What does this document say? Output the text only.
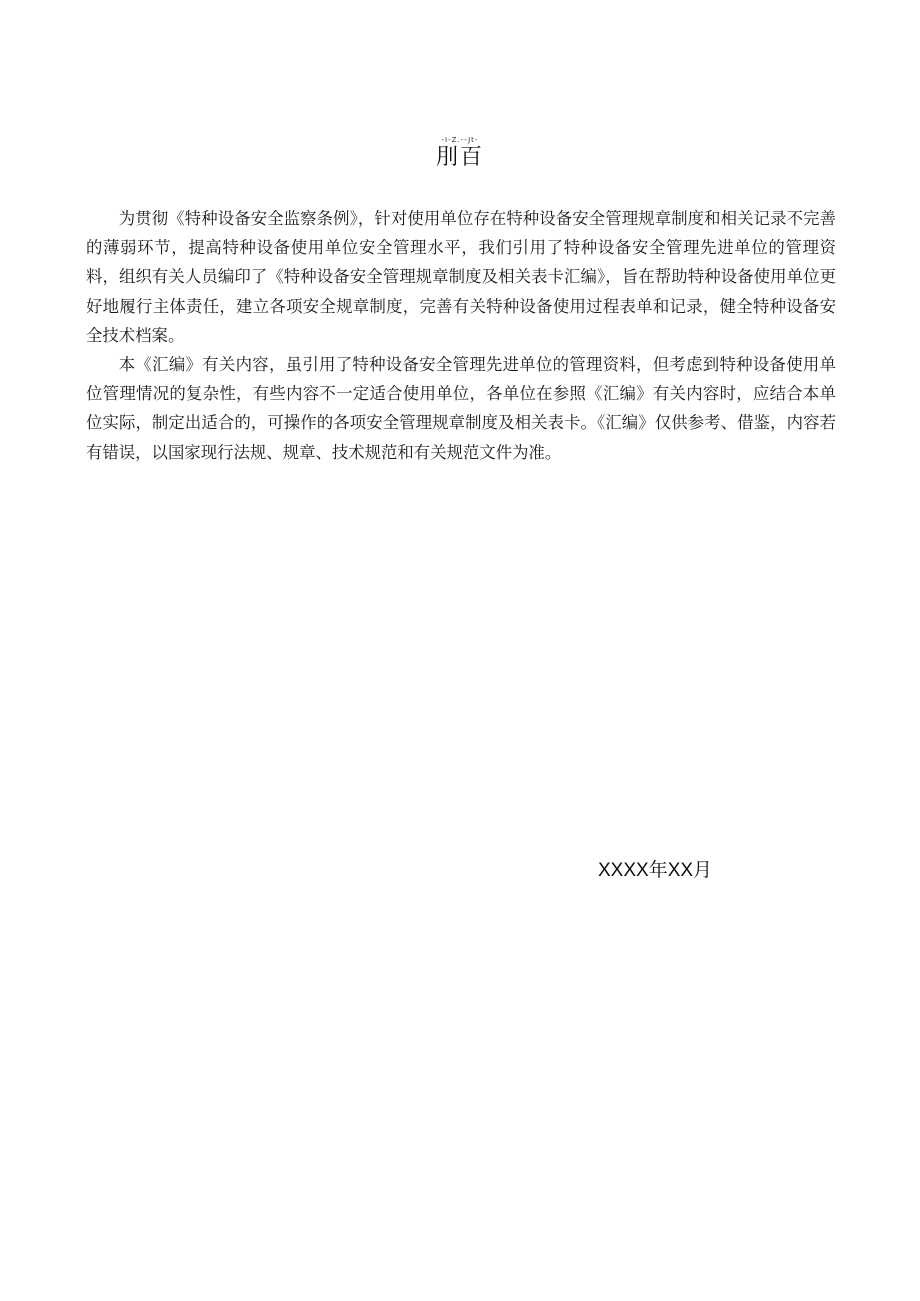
-I-Z.--Jt-
刖百

为贯彻《特种设备安全监察条例》，针对使用单位存在特种设备安全管理规章制度和相关记录不完善的薄弱环节，提高特种设备使用单位安全管理水平，我们引用了特种设备安全管理先进单位的管理资料，组织有关人员编印了《特种设备安全管理规章制度及相关表卡汇编》，旨在帮助特种设备使用单位更好地履行主体责任，建立各项安全规章制度，完善有关特种设备使用过程表单和记录，健全特种设备安全技术档案。

本《汇编》有关内容，虽引用了特种设备安全管理先进单位的管理资料，但考虑到特种设备使用单位管理情况的复杂性，有些内容不一定适合使用单位，各单位在参照《汇编》有关内容时，应结合本单位实际，制定出适合的，可操作的各项安全管理规章制度及相关表卡。《汇编》仅供参考、借鉴，内容若有错误，以国家现行法规、规章、技术规范和有关规范文件为准。

XXXX年XX月
